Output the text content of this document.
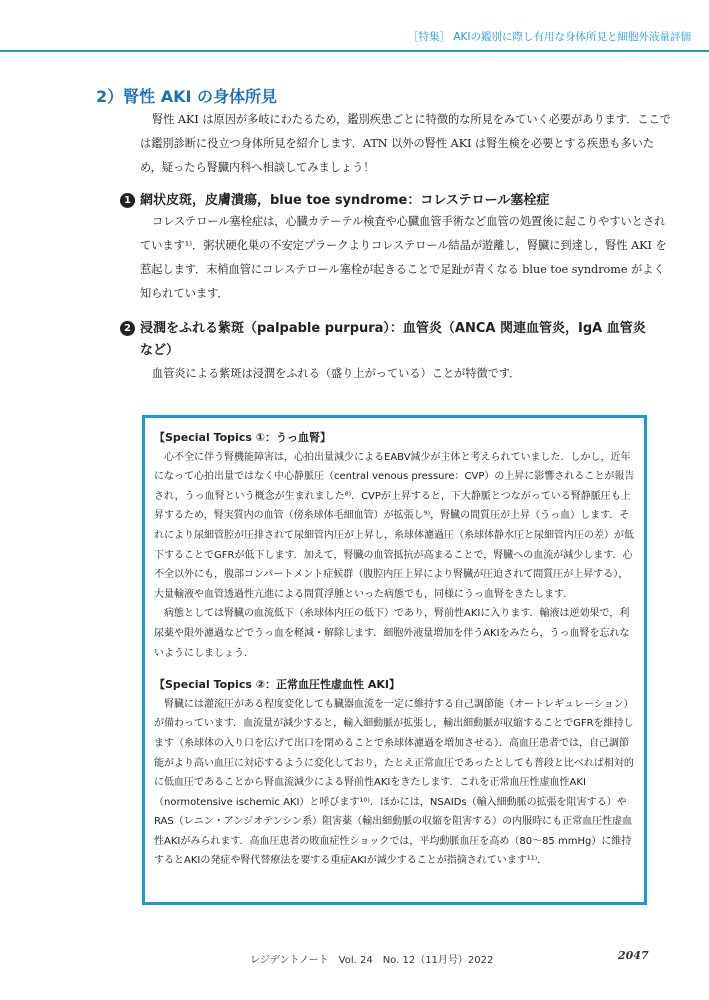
［特集］ AKIの鑑別に際し有用な身体所見と細胞外液量評価
2）腎性 AKI の身体所見

腎性 AKI は原因が多岐にわたるため，鑑別疾患ごとに特徴的な所見をみていく必要があります．ここでは鑑別診断に役立つ身体所見を紹介します．ATN 以外の腎性 AKI は腎生検を必要とする疾患も多いため，疑ったら腎臓内科へ相談してみましょう！

1 網状皮斑，皮膚潰瘍，blue toe syndrome：コレステロール塞栓症

コレステロール塞栓症は，心臓カテーテル検査や心臓血管手術など血管の処置後に起こりやすいとされています¹⁾．粥状硬化巣の不安定プラークよりコレステロール結晶が遊離し，腎臓に到達し，腎性 AKI を惹起します．末梢血管にコレステロール塞栓が起きることで足趾が青くなる blue toe syndrome がよく知られています．

2 浸潤をふれる紫斑（palpable purpura）：血管炎（ANCA 関連血管炎，IgA 血管炎
など）

血管炎による紫斑は浸潤をふれる（盛り上がっている）ことが特徴です．

【Special Topics ①：うっ血腎】

心不全に伴う腎機能障害は，心拍出量減少によるEABV減少が主体と考えられていました．しかし，近年になって心拍出量ではなく中心静脈圧（central venous pressure：CVP）の上昇に影響されることが報告され，うっ血腎という概念が生まれました⁸⁾．CVPが上昇すると，下大静脈とつながっている腎静脈圧も上昇するため，腎実質内の血管（傍糸球体毛細血管）が拡張し⁹⁾，腎臓の間質圧が上昇（うっ血）します．それにより尿細管腔が圧排されて尿細管内圧が上昇し，糸球体濾過圧（糸球体静水圧と尿細管内圧の差）が低下することでGFRが低下します．加えて，腎臓の血管抵抗が高まることで，腎臓への血流が減少します．心不全以外にも，腹部コンパートメント症候群（腹腔内圧上昇により腎臓が圧迫されて間質圧が上昇する），大量輸液や血管透過性亢進による間質浮腫といった病態でも，同様にうっ血腎をきたします．

病態としては腎臓の血流低下（糸球体内圧の低下）であり，腎前性AKIに入ります．輸液は逆効果で，利尿薬や限外濾過などでうっ血を軽減・解除します．細胞外液量増加を伴うAKIをみたら，うっ血腎を忘れないようにしましょう．

【Special Topics ②：正常血圧性虚血性 AKI】

腎臓には灌流圧がある程度変化しても臓器血流を一定に維持する自己調節能（オートレギュレーション）が備わっています．血流量が減少すると，輸入細動脈が拡張し，輸出細動脈が収縮することでGFRを維持します（糸球体の入り口を広げて出口を閉めることで糸球体濾過を増加させる）．高血圧患者では，自己調節能がより高い血圧に対応するように変化しており，たとえ正常血圧であったとしても普段と比べれば相対的に低血圧であることから腎血流減少による腎前性AKIをきたします．これを正常血圧性虚血性AKI（normotensive ischemic AKI）と呼びます¹⁰⁾．ほかには，NSAIDs（輸入細動脈の拡張を阻害する）やRAS（レニン・アンジオテンシン系）阻害薬（輸出細動脈の収縮を阻害する）の内服時にも正常血圧性虚血性AKIがみられます．高血圧患者の敗血症性ショックでは，平均動脈血圧を高め（80～85 mmHg）に維持するとAKIの発症や腎代替療法を要する重症AKIが減少することが指摘されています¹¹⁾．

レジデントノート　Vol. 24　No. 12（11月号）2022	2047
